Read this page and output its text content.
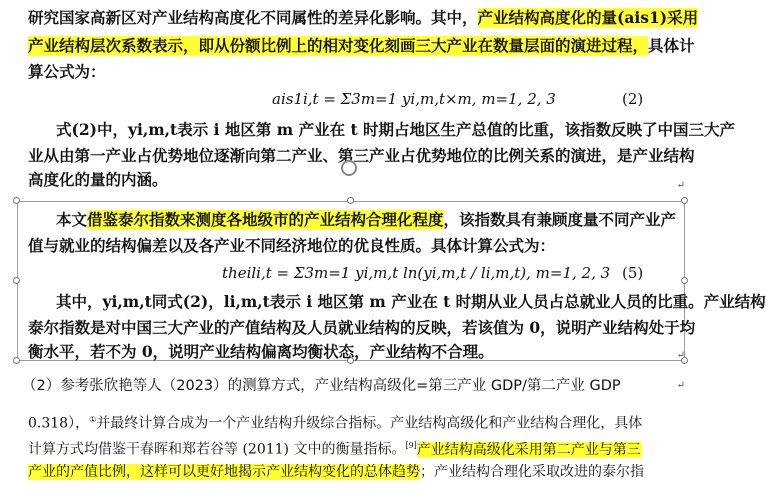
研究国家高新区对产业结构高度化不同属性的差异化影响。其中，产业结构高度化的量(ais1)采用
产业结构层次系数表示，即从份额比例上的相对变化刻画三大产业在数量层面的演进过程，具体计
算公式为：
ais1i,t = Σ3m=1 yi,m,t×m, m=1, 2, 3	(2)
式(2)中，yi,m,t表示 i 地区第 m 产业在 t 时期占地区生产总值的比重，该指数反映了中国三大产
业从由第一产业占优势地位逐渐向第二产业、第三产业占优势地位的比例关系的演进，是产业结构
高度化的量的内涵。	↵
本文借鉴泰尔指数来测度各地级市的产业结构合理化程度，该指数具有兼顾度量不同产业产
值与就业的结构偏差以及各产业不同经济地位的优良性质。具体计算公式为：
theili,t = Σ3m=1 yi,m,t ln(yi,m,t / li,m,t), m=1, 2, 3 (5)
其中，yi,m,t同式(2)，li,m,t表示 i 地区第 m 产业在 t 时期从业人员占总就业人员的比重。产业结构
泰尔指数是对中国三大产业的产值结构及人员就业结构的反映，若该值为 0，说明产业结构处于均
衡水平，若不为 0，说明产业结构偏离均衡状态，产业结构不合理。	↵
（2）参考张欣艳等人（2023）的测算方式，产业结构高级化=第三产业 GDP/第二产业 GDP	↵
0.318），①并最终计算合成为一个产业结构升级综合指标。产业结构高级化和产业结构合理化，具体
计算方式均借鉴干春晖和郑若谷等 (2011) 文中的衡量指标。[9]产业结构高级化采用第二产业与第三
产业的产值比例，这样可以更好地揭示产业结构变化的总体趋势；产业结构合理化采取改进的泰尔指
